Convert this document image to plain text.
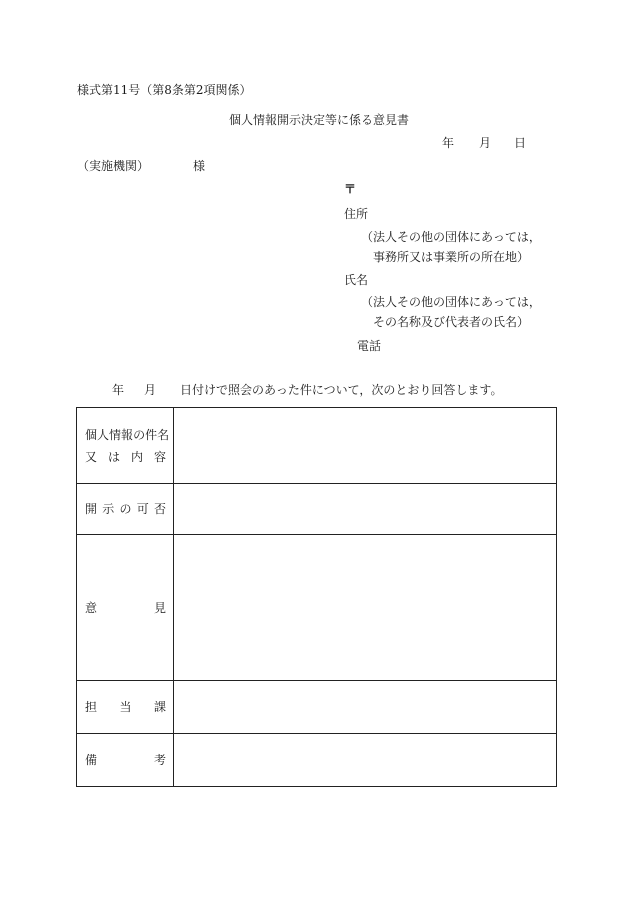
様式第11号（第8条第2項関係）
個人情報開示決定等に係る意見書
年 月 日
（実施機関）	様
〒
住所
（法人その他の団体にあっては，
事務所又は事業所の所在地）
氏名
（法人その他の団体にあっては，
その名称及び代表者の氏名）
電話
年 月 日付けで照会のあった件について，次のとおり回答します。
個 人 情 報 の 件 名
又 は 内 容
開 示 の 可 否
意	見
担 当 課
備	考
